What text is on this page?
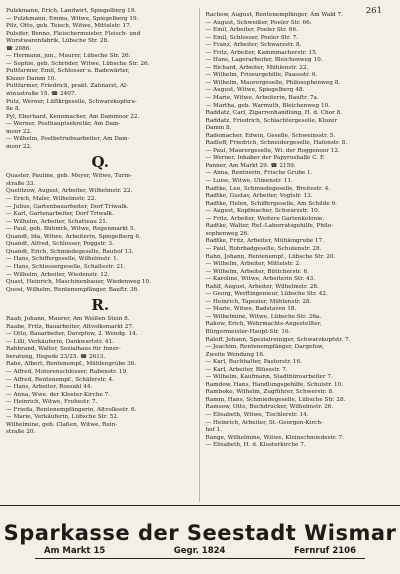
261
Pulzkmann, Erich, Landwirt, Spiegelberg 19.
— Pulzkmann, Emma, Witwe, Spiegelberg 19.
Pilz, Otto, geb. Teisch, Witwe, Mittelstr. 17.
Pulsifer, Benno, Fleischermeister, Fleisch- und
Wurstwarenfabrik, Lübsche Str. 28.
☎ 2086.
— Hermann, jun., Maurer, Lübsche Str. 26.
— Sophie, geb. Schröder, Witwe, Lübsche Str. 26.
Puttfarmer, Emil, Schlosser u. Badewärter,
Kluzer Damm 10.
Puttfarmer, Friedrich, prakt. Zahnarzt, Al-
winustraße 15. ☎ 2407.
Putz, Werner, Lüftkrgeselle, Schwarzkopfsra-
ße 8.
Pyl, Eberhard, Kennmacher, Am Dammoor 22.
— Werner, Posthauptsekretär, Am Dam-
moor 22.
— Wilhelm, Postbetriebsarbeiter, Am Dam-
moor 22.
Q.
Quaster, Pauline, geb. Meyer, Witwe, Turm-
straße 33.
Quelitzow, August, Arbeiter, Wilhelmstr. 22.
— Erich, Maler, Wilhelmstr. 22.
— Julius, Gartenbauarbeiter, Dorf Triwalk.
— Karl, Gartenarbeiter, Dorf Triwalk.
— Wilhelm, Arbeiter, Schatteau 21.
— Paul, geb. Bühmck, Witwe, Regenmarkt 5.
Quandt, Ida, Witwe, Arbeiterin, Spiegelberg 6.
Quandt, Alfred, Schlosser, Poggstr. 3.
Quandt, Erich, Schmiedegeselle, Bauhof 13.
— Hans, Schiffergeselle, Wilhelmstr. 1.
— Hans, Schlossergeselle, Schaltestr. 21.
— Wilhelm, Arbeiter, Wiedenstr. 12.
Quast, Heinrich, Maschinenbauer, Wiedenweg 10.
Quost, Wilhelm, Rentenempfänger, Bauftr. 36.
R.
Raab, Johann, Maurer, Am Weißen Stein 8.
Raabe, Fritz, Bauarbeiter, Altvolksmarkt 27.
— Otto, Bauarbeiter, Darzpfow, 2. Wendg. 14.
— Lilli, Verkäuferin, Dankwartstr. 41.
Rabbrand, Walter, Sozialhaus für Inner-
beratung, Hegede 23/25. ☎ 2613.
Rabe, Albert, Rentenempf., Mühlengrube 36.
— Alfred, Motorenschlosser, Rabenstr. 19.
— Alfred, Rentenempf., Schäferstr. 4.
— Hans, Arbeiter, Rossahl 44.
— Anna, Wwe. der Kloster-Kirche 7.
— Heinrich, Witwe, Frohestr. 7.
— Frieda, Rentenempfängerin, Altvolksstr. 6.
— Marie, Verkäuferin, Lübsche Str. 52.
Wilhelmine, geb. Claßen, Witwe, Rein-
straße 20.
Rachow, August, Rentenempfänger, Am Wald 7.
— August, Schweißer, Poeler Str. 66.
— Emil, Arbeiter, Poeler Str. 66.
— Emil, Schlosser, Poeler Str. 7.
— Franz, Arbeiter, Schwarzstr. 8.
— Fritz, Arbeiter, Kammmacherstr. 15.
— Hans, Lagerarbeiter, Bleichenweg 10.
— Richard, Arbeiter, Mühlenstr. 22.
— Wilhelm, Friseurgehilfe, Paassstr. 6.
— Wilhelm, Maurergeselle, Philosophenweg 8.
— August, Witwe, Spiegelberg 48.
— Marie, Witwe, Arbeiterin, Bauftr. 7a.
— Martha, geb. Warmuth, Bleichenweg 10.
Raddatz, Carl, Zigarrenhandlung, H. d. Chor 8.
Raddatz, Friedrich, Schlachtergeselle, Kluzer
Damm 8.
Rademacher, Edwin, Geselle, Schweinsstr. 5.
Radloff, Friedrich, Schneidergeselle, Hafenstr. 8.
— Paul, Maurergeselle, Wi. der Roggenoor 12.
— Werner, Inhaber der Papyrushalle C. F.
Panner, Am Markt 29. ☎ 2159.
— Anna, Rentnerin, Frische Grube 1.
— Luise, Witwe, Ulmenstr. 11.
Radtke, Leo, Schmiedegeselle, Breitestr. 4.
Radtke, Gustav, Arbeiter, Vogtstr. 13.
Radtke, Helen, Schiffergeselle, Am Schilde 9.
— August, Kopfmacher, Schwarzstr. 10.
— Fritz, Arbeiter, Weitere Gartenkolonie.
Radtke, Walter, Ref.-Laborratsgehilfe, Philo-
sophenweg 26.
Radtke, Fritz, Arbeiter, Mühlengrube 17.
— Paul, Rohrbadgeselle, Schutenstr. 28.
Rahn, Johann, Rentenempf., Lübsche Str. 20.
— Wilhelm, Arbeiter, Mittelstr. 2.
— Wilhelm, Arbeiter, Büttcherstr. 6.
— Karoline, Witwe, Arbeiterin Str. 43.
Rahlf, August, Arbeiter, Wilhelmstr. 28.
— Georg, Werftingenieur, Lübsche Str. 42.
— Heinrich, Tapezier, Mühlenstr. 28.
— Marie, Witwe, Badstaven 18.
— Wilhelmine, Witwe, Lübsche Str. 26a.
Rakow, Erich, Wehrmachts-Angestellter,
Bürgermeister-Haupt-Str. 16.
Raloff, Johann, Spezialreiniger, Schwarzkopfstr. 7.
— Joachim, Rentenempfänger, Dargefow,
Zweite Wendung 16.
— Karl, Buchhalter, Pastorstr. 16.
— Karl, Arbeiter, Blüssstr. 7.
— Wilhelm, Kaufmann, Stadtbüroarbeiter 7.
Ramdow, Hans, Handlungsgehilfe, Schulstr. 10.
Ramboke, Wilhelm, Zugführer, Schwerstr. 8.
Ramm, Hans, Schmiedegeselle, Lübsche Str. 28.
Ramsow, Otto, Buchdrucker, Wilhelmstr. 26.
— Elisabeth, Witwe, Tischlerstr. 14.
— Heinrich, Arbeiter, St.-Georgen-Kirch-
hof 1.
Range, Wilhelmine, Witwe, Kleinschmiedestr. 7.
— Elisabeth, H. d. Klosterkirche 7.
Sparkasse der Seestadt Wismar
Am Markt 15	Gegr. 1824	Fernruf 2106
